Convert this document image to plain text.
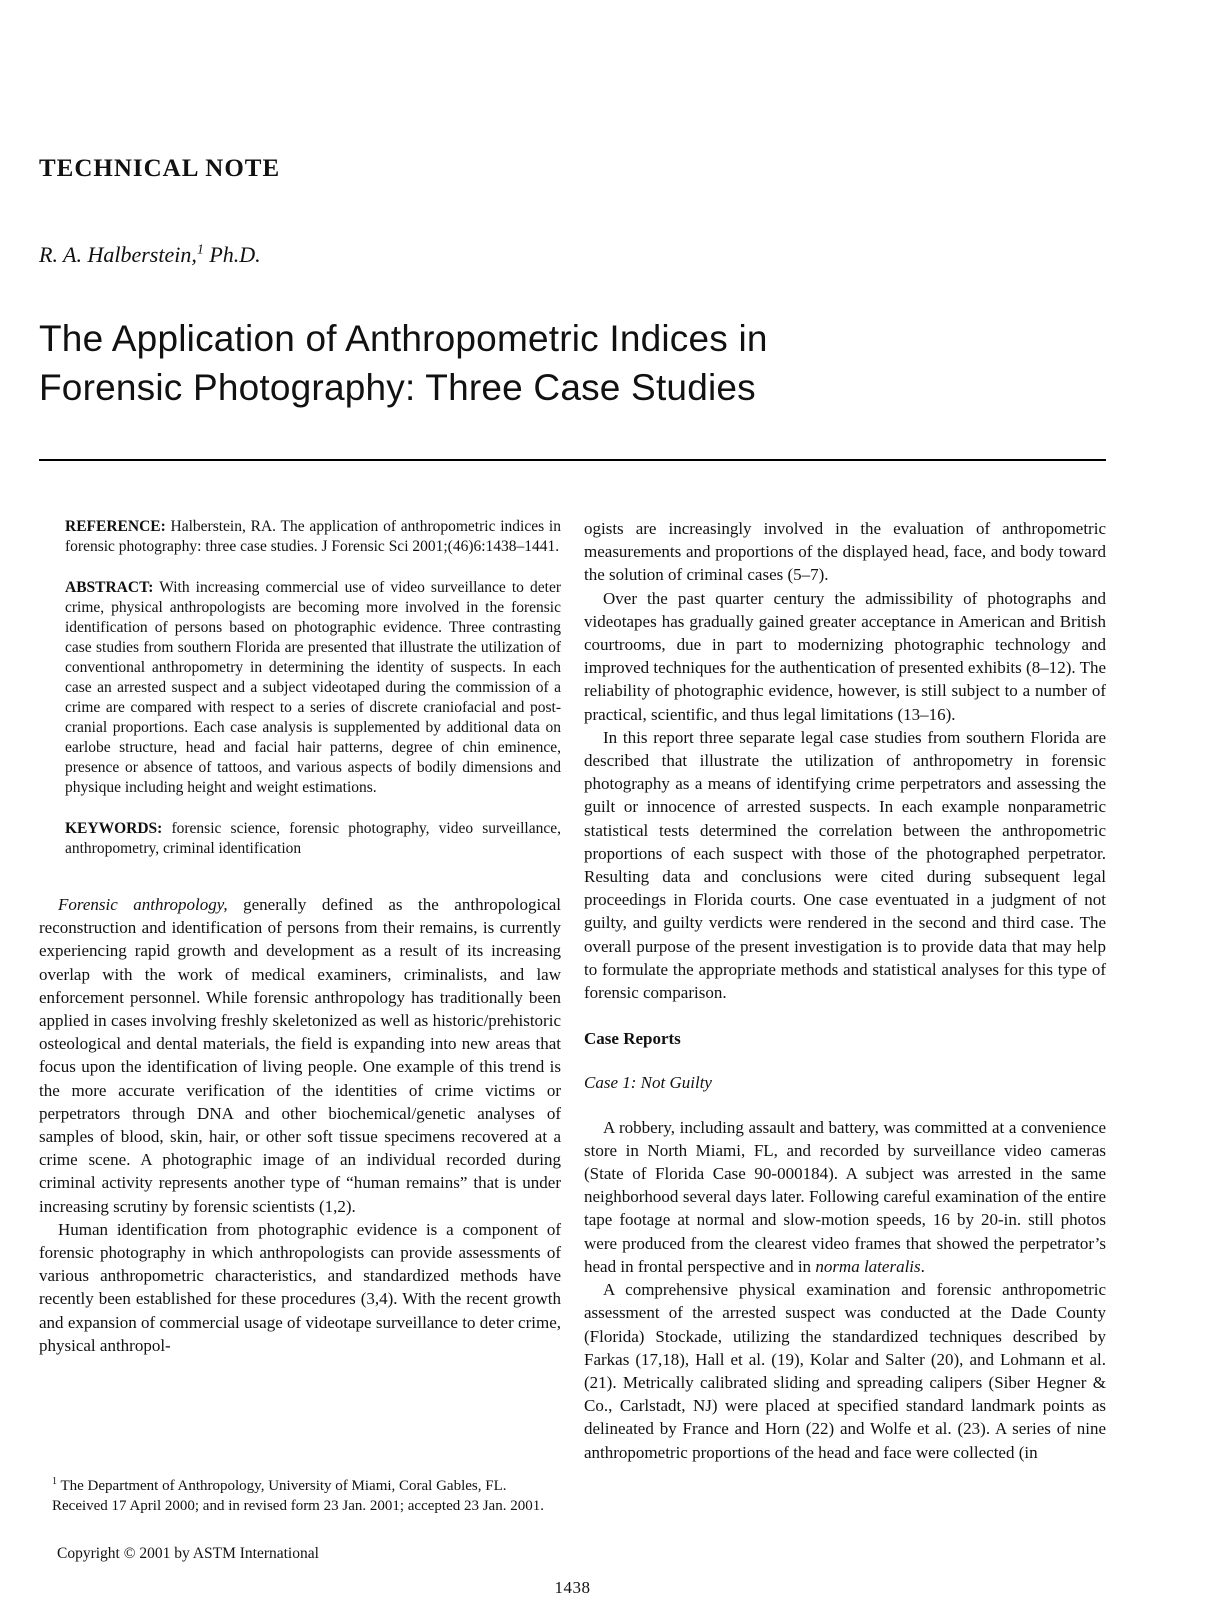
TECHNICAL NOTE
R. A. Halberstein,$^1$ Ph.D.
The Application of Anthropometric Indices in
Forensic Photography: Three Case Studies

REFERENCE: Halberstein, RA. The application of anthropometric indices in forensic photography: three case studies. J Forensic Sci 2001;(46)6:1438–1441.

ABSTRACT: With increasing commercial use of video surveillance to deter crime, physical anthropologists are becoming more involved in the forensic identification of persons based on photographic evidence. Three contrasting case studies from southern Florida are presented that illustrate the utilization of conventional anthropometry in determining the identity of suspects. In each case an arrested suspect and a subject videotaped during the commission of a crime are compared with respect to a series of discrete craniofacial and post-cranial proportions. Each case analysis is supplemented by additional data on earlobe structure, head and facial hair patterns, degree of chin eminence, presence or absence of tattoos, and various aspects of bodily dimensions and physique including height and weight estimations.

KEYWORDS: forensic science, forensic photography, video surveillance, anthropometry, criminal identification

Forensic anthropology, generally defined as the anthropological reconstruction and identification of persons from their remains, is currently experiencing rapid growth and development as a result of its increasing overlap with the work of medical examiners, criminalists, and law enforcement personnel. While forensic anthropology has traditionally been applied in cases involving freshly skeletonized as well as historic/prehistoric osteological and dental materials, the field is expanding into new areas that focus upon the identification of living people. One example of this trend is the more accurate verification of the identities of crime victims or perpetrators through DNA and other biochemical/genetic analyses of samples of blood, skin, hair, or other soft tissue specimens recovered at a crime scene. A photographic image of an individual recorded during criminal activity represents another type of “human remains” that is under increasing scrutiny by forensic scientists (1,2).

Human identification from photographic evidence is a component of forensic photography in which anthropologists can provide assessments of various anthropometric characteristics, and standardized methods have recently been established for these procedures (3,4). With the recent growth and expansion of commercial usage of videotape surveillance to deter crime, physical anthropol-

ogists are increasingly involved in the evaluation of anthropometric measurements and proportions of the displayed head, face, and body toward the solution of criminal cases (5–7).

Over the past quarter century the admissibility of photographs and videotapes has gradually gained greater acceptance in American and British courtrooms, due in part to modernizing photographic technology and improved techniques for the authentication of presented exhibits (8–12). The reliability of photographic evidence, however, is still subject to a number of practical, scientific, and thus legal limitations (13–16).

In this report three separate legal case studies from southern Florida are described that illustrate the utilization of anthropometry in forensic photography as a means of identifying crime perpetrators and assessing the guilt or innocence of arrested suspects. In each example nonparametric statistical tests determined the correlation between the anthropometric proportions of each suspect with those of the photographed perpetrator. Resulting data and conclusions were cited during subsequent legal proceedings in Florida courts. One case eventuated in a judgment of not guilty, and guilty verdicts were rendered in the second and third case. The overall purpose of the present investigation is to provide data that may help to formulate the appropriate methods and statistical analyses for this type of forensic comparison.

Case Reports
Case 1: Not Guilty

A robbery, including assault and battery, was committed at a convenience store in North Miami, FL, and recorded by surveillance video cameras (State of Florida Case 90-000184). A subject was arrested in the same neighborhood several days later. Following careful examination of the entire tape footage at normal and slow-motion speeds, 16 by 20-in. still photos were produced from the clearest video frames that showed the perpetrator’s head in frontal perspective and in norma lateralis.

A comprehensive physical examination and forensic anthropometric assessment of the arrested suspect was conducted at the Dade County (Florida) Stockade, utilizing the standardized techniques described by Farkas (17,18), Hall et al. (19), Kolar and Salter (20), and Lohmann et al. (21). Metrically calibrated sliding and spreading calipers (Siber Hegner & Co., Carlstadt, NJ) were placed at specified standard landmark points as delineated by France and Horn (22) and Wolfe et al. (23). A series of nine anthropometric proportions of the head and face were collected (in

$^1$ The Department of Anthropology, University of Miami, Coral Gables, FL.

Received 17 April 2000; and in revised form 23 Jan. 2001; accepted 23 Jan. 2001.

Copyright © 2001 by ASTM International
1438
